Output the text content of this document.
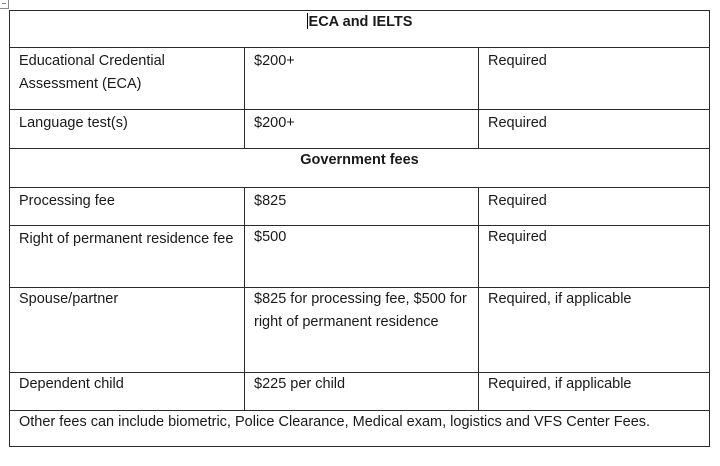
ECA and IELTS		
Educational Credential Assessment (ECA)	$200+	Required
Language test(s)	$200+	Required
Government fees		
Processing fee	$825	Required
Right of permanent residence fee	$500	Required
Spouse/partner	$825 for processing fee, $500 for right of permanent residence	Required, if applicable
Dependent child	$225 per child	Required, if applicable
Other fees can include biometric, Police Clearance, Medical exam, logistics and VFS Center Fees.		
